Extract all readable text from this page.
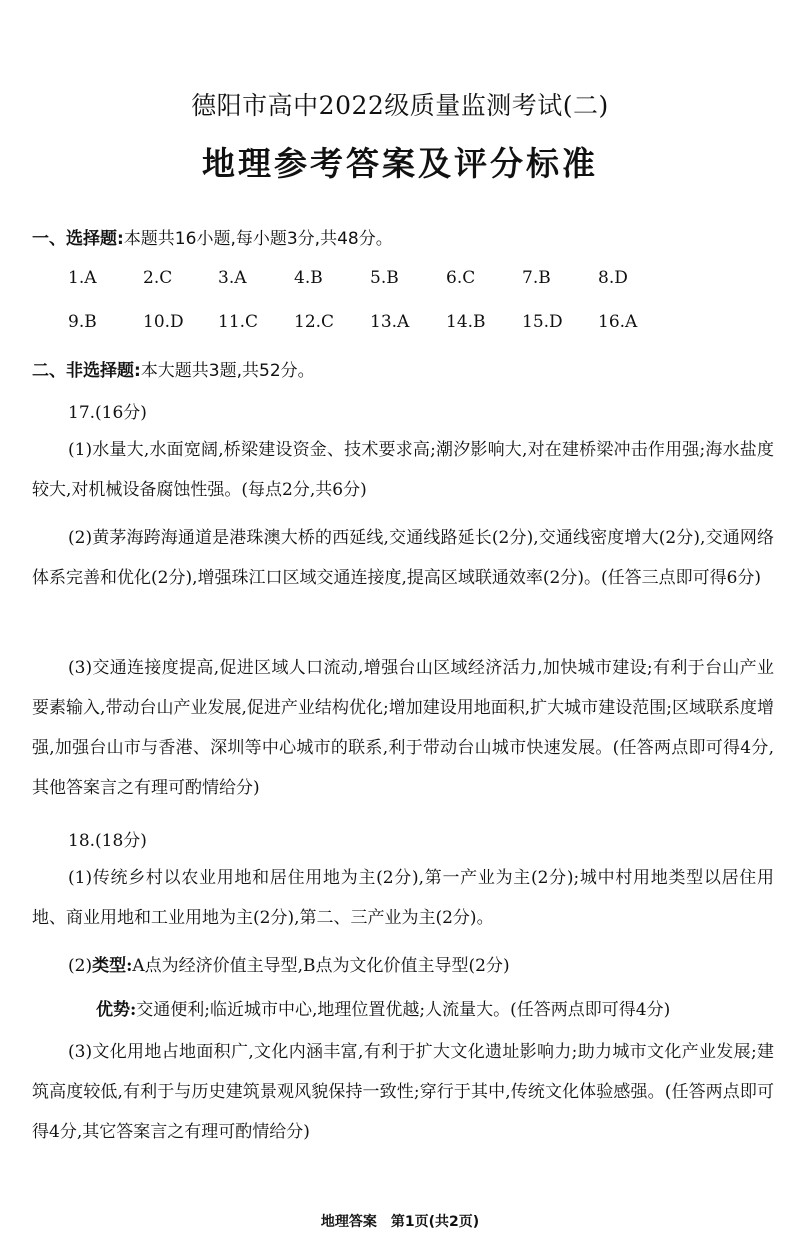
德阳市高中2022级质量监测考试(二)
地理参考答案及评分标准
一、选择题:本题共16小题,每小题3分,共48分。
1.A	2.C	3.A	4.B	5.B	6.C	7.B	8.D
9.B	10.D 11.C 12.C 13.A 14.B 15.D 16.A
二、非选择题:本大题共3题,共52分。
17.(16分)
(1)水量大,水面宽阔,桥梁建设资金、技术要求高;潮汐影响大,对在建桥梁冲击作用强;海水盐度较大,对机械设备腐蚀性强。(每点2分,共6分)
(2)黄茅海跨海通道是港珠澳大桥的西延线,交通线路延长(2分),交通线密度增大(2分),交通网络体系完善和优化(2分),增强珠江口区域交通连接度,提高区域联通效率(2分)。(任答三点即可得6分)
(3)交通连接度提高,促进区域人口流动,增强台山区域经济活力,加快城市建设;有利于台山产业要素输入,带动台山产业发展,促进产业结构优化;增加建设用地面积,扩大城市建设范围;区域联系度增强,加强台山市与香港、深圳等中心城市的联系,利于带动台山城市快速发展。(任答两点即可得4分,其他答案言之有理可酌情给分)
18.(18分)
(1)传统乡村以农业用地和居住用地为主(2分),第一产业为主(2分);城中村用地类型以居住用地、商业用地和工业用地为主(2分),第二、三产业为主(2分)。
(2)类型:A点为经济价值主导型,B点为文化价值主导型(2分)
优势:交通便利;临近城市中心,地理位置优越;人流量大。(任答两点即可得4分)
(3)文化用地占地面积广,文化内涵丰富,有利于扩大文化遗址影响力;助力城市文化产业发展;建筑高度较低,有利于与历史建筑景观风貌保持一致性;穿行于其中,传统文化体验感强。(任答两点即可得4分,其它答案言之有理可酌情给分)
地理答案　第1页(共2页)
